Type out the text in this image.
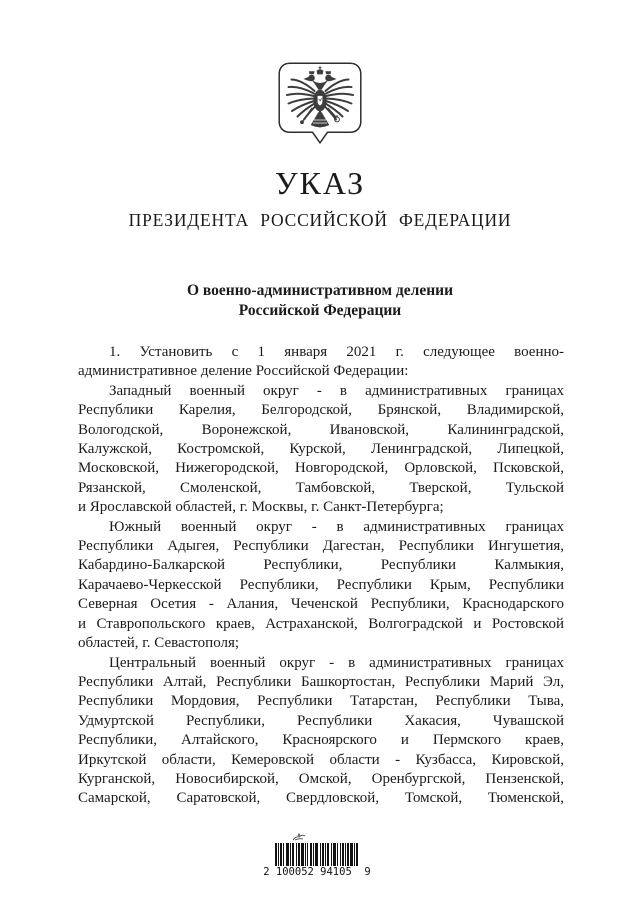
УКАЗ
ПРЕЗИДЕНТА РОССИЙСКОЙ ФЕДЕРАЦИИ
О военно-административном делении
Российской Федерации
1. Установить с 1 января 2021 г. следующее военно-
административное деление Российской Федерации:
Западный военный округ - в административных границах
Республики Карелия, Белгородской, Брянской, Владимирской,
Вологодской, Воронежской, Ивановской, Калининградской,
Калужской, Костромской, Курской, Ленинградской, Липецкой,
Московской, Нижегородской, Новгородской, Орловской, Псковской,
Рязанской, Смоленской, Тамбовской, Тверской, Тульской
и Ярославской областей, г. Москвы, г. Санкт-Петербурга;
Южный военный округ - в административных границах
Республики Адыгея, Республики Дагестан, Республики Ингушетия,
Кабардино-Балкарской Республики, Республики Калмыкия,
Карачаево-Черкесской Республики, Республики Крым, Республики
Северная Осетия - Алания, Чеченской Республики, Краснодарского
и Ставропольского краев, Астраханской, Волгоградской и Ростовской
областей, г. Севастополя;
Центральный военный округ - в административных границах
Республики Алтай, Республики Башкортостан, Республики Марий Эл,
Республики Мордовия, Республики Татарстан, Республики Тыва,
Удмуртской Республики, Республики Хакасия, Чувашской
Республики, Алтайского, Красноярского и Пермского краев,
Иркутской области, Кемеровской области - Кузбасса, Кировской,
Курганской, Новосибирской, Омской, Оренбургской, Пензенской,
Самарской, Саратовской, Свердловской, Томской, Тюменской,
2 100052 94105  9
